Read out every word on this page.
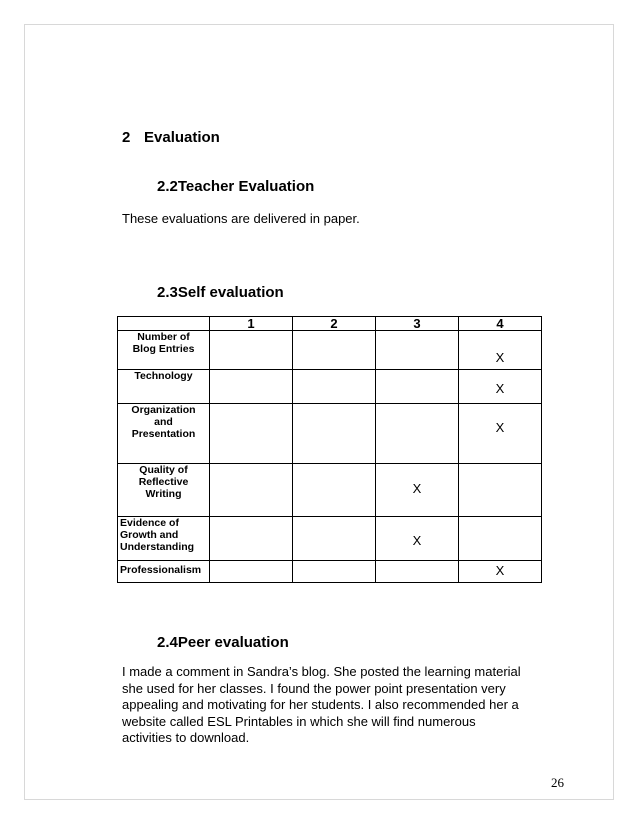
2 Evaluation
2.2Teacher Evaluation
These evaluations are delivered in paper.
2.3Self evaluation
	1	2	3	4

Number of
Blog Entries				X

Technology				X

Organization
and
Presentation				X

Quality of
Reflective
Writing			X	

Evidence of
Growth and
Understanding			X	

Professionalism				X
2.4Peer evaluation
I made a comment in Sandra’s blog. She posted the learning material
she used for her classes. I found the power point presentation very
appealing and motivating for her students. I also recommended her a
website called ESL Printables in which she will find numerous
activities to download.
26
